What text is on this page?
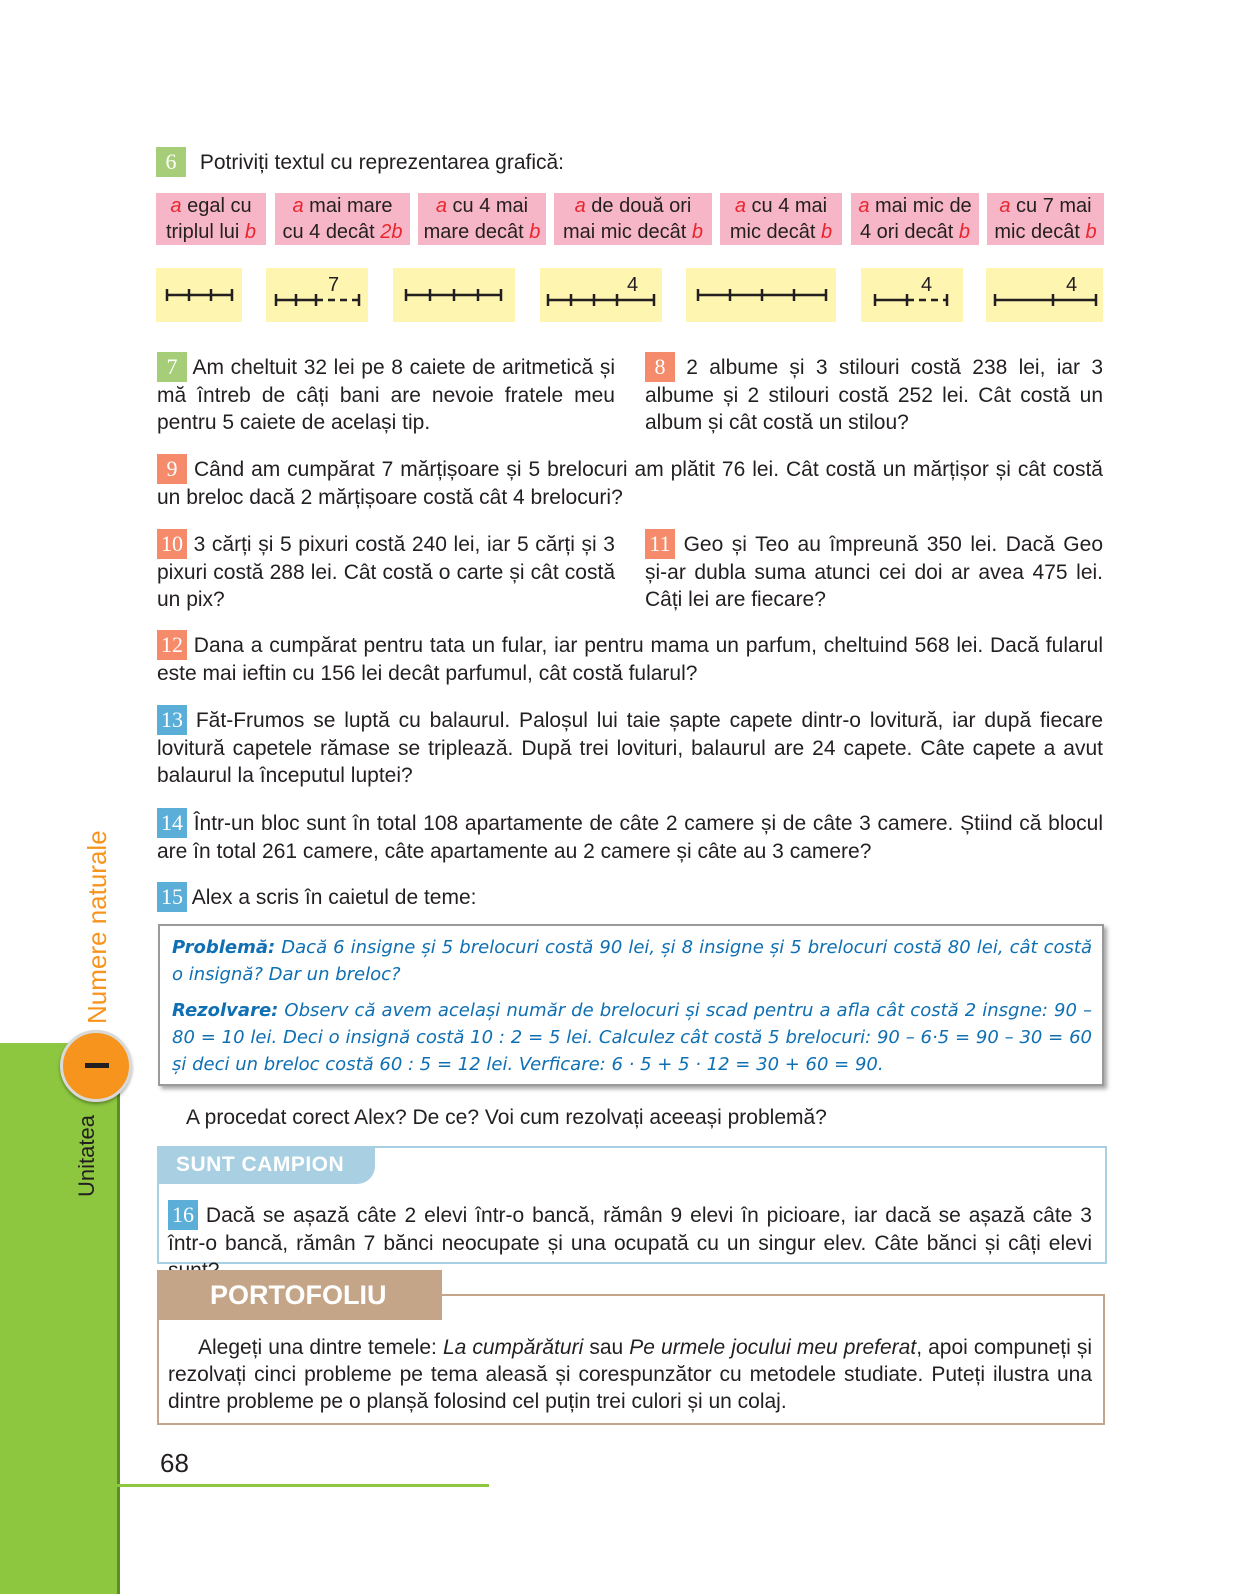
Unitatea
Numere naturale
6 Potriviți textul cu reprezentarea grafică:
a egal cu
triplul lui b
a mai mare
cu 4 decât 2b
a cu 4 mai
mare decât b
a de două ori
mai mic decât b
a cu 4 mai
mic decât b
a mai mic de
4 ori decât b
a cu 7 mai
mic decât b
7	4	4	4
7 Am cheltuit 32 lei pe 8 caiete de aritmetică și mă întreb de câți bani are nevoie fratele meu pentru 5 caiete de același tip.
8 2 albume și 3 stilouri costă 238 lei, iar 3 albume și 2 stilouri costă 252 lei. Cât costă un album și cât costă un stilou?
9 Când am cumpărat 7 mărțișoare și 5 brelocuri am plătit 76 lei. Cât costă un mărțișor și cât costă un breloc dacă 2 mărțișoare costă cât 4 brelocuri?
10 3 cărți și 5 pixuri costă 240 lei, iar 5 cărți și 3 pixuri costă 288 lei. Cât costă o carte și cât costă un pix?
11 Geo și Teo au împreună 350 lei. Dacă Geo și-ar dubla suma atunci cei doi ar avea 475 lei. Câți lei are fiecare?
12 Dana a cumpărat pentru tata un fular, iar pentru mama un parfum, cheltuind 568 lei. Dacă fularul este mai ieftin cu 156 lei decât parfumul, cât costă fularul?
13 Făt-Frumos se luptă cu balaurul. Paloșul lui taie șapte capete dintr-o lovitură, iar după fiecare lovitură capetele rămase se triplează. După trei lovituri, balaurul are 24 capete. Câte capete a avut balaurul la începutul luptei?
14 Într-un bloc sunt în total 108 apartamente de câte 2 camere și de câte 3 camere. Știind că blocul are în total 261 camere, câte apartamente au 2 camere și câte au 3 camere?
15 Alex a scris în caietul de teme:
Problemă: Dacă 6 insigne și 5 brelocuri costă 90 lei, și 8 insigne și 5 brelocuri costă 80 lei, cât costă o insignă? Dar un breloc?
Rezolvare: Observ că avem același număr de brelocuri și scad pentru a afla cât costă 2 insgne: 90 – 80 = 10 lei. Deci o insignă costă 10 : 2 = 5 lei. Calculez cât costă 5 brelocuri: 90 – 6·5 = 90 – 30 = 60 și deci un breloc costă 60 : 5 = 12 lei. Verficare: 6 · 5 + 5 · 12 = 30 + 60 = 90.
A procedat corect Alex? De ce? Voi cum rezolvați aceeași problemă?
SUNT CAMPION
16 Dacă se așază câte 2 elevi într-o bancă, rămân 9 elevi în picioare, iar dacă se așază câte 3 într-o bancă, rămân 7 bănci neocupate și una ocupată cu un singur elev. Câte bănci și câți elevi
PORTOFOLIU
Alegeți una dintre temele: La cumpărături sau Pe urmele jocului meu preferat, apoi compuneți și rezolvați cinci probleme pe tema aleasă și corespunzător cu metodele studiate. Puteți ilustra una dintre probleme pe o planșă folosind cel puțin trei culori și un colaj.
68
